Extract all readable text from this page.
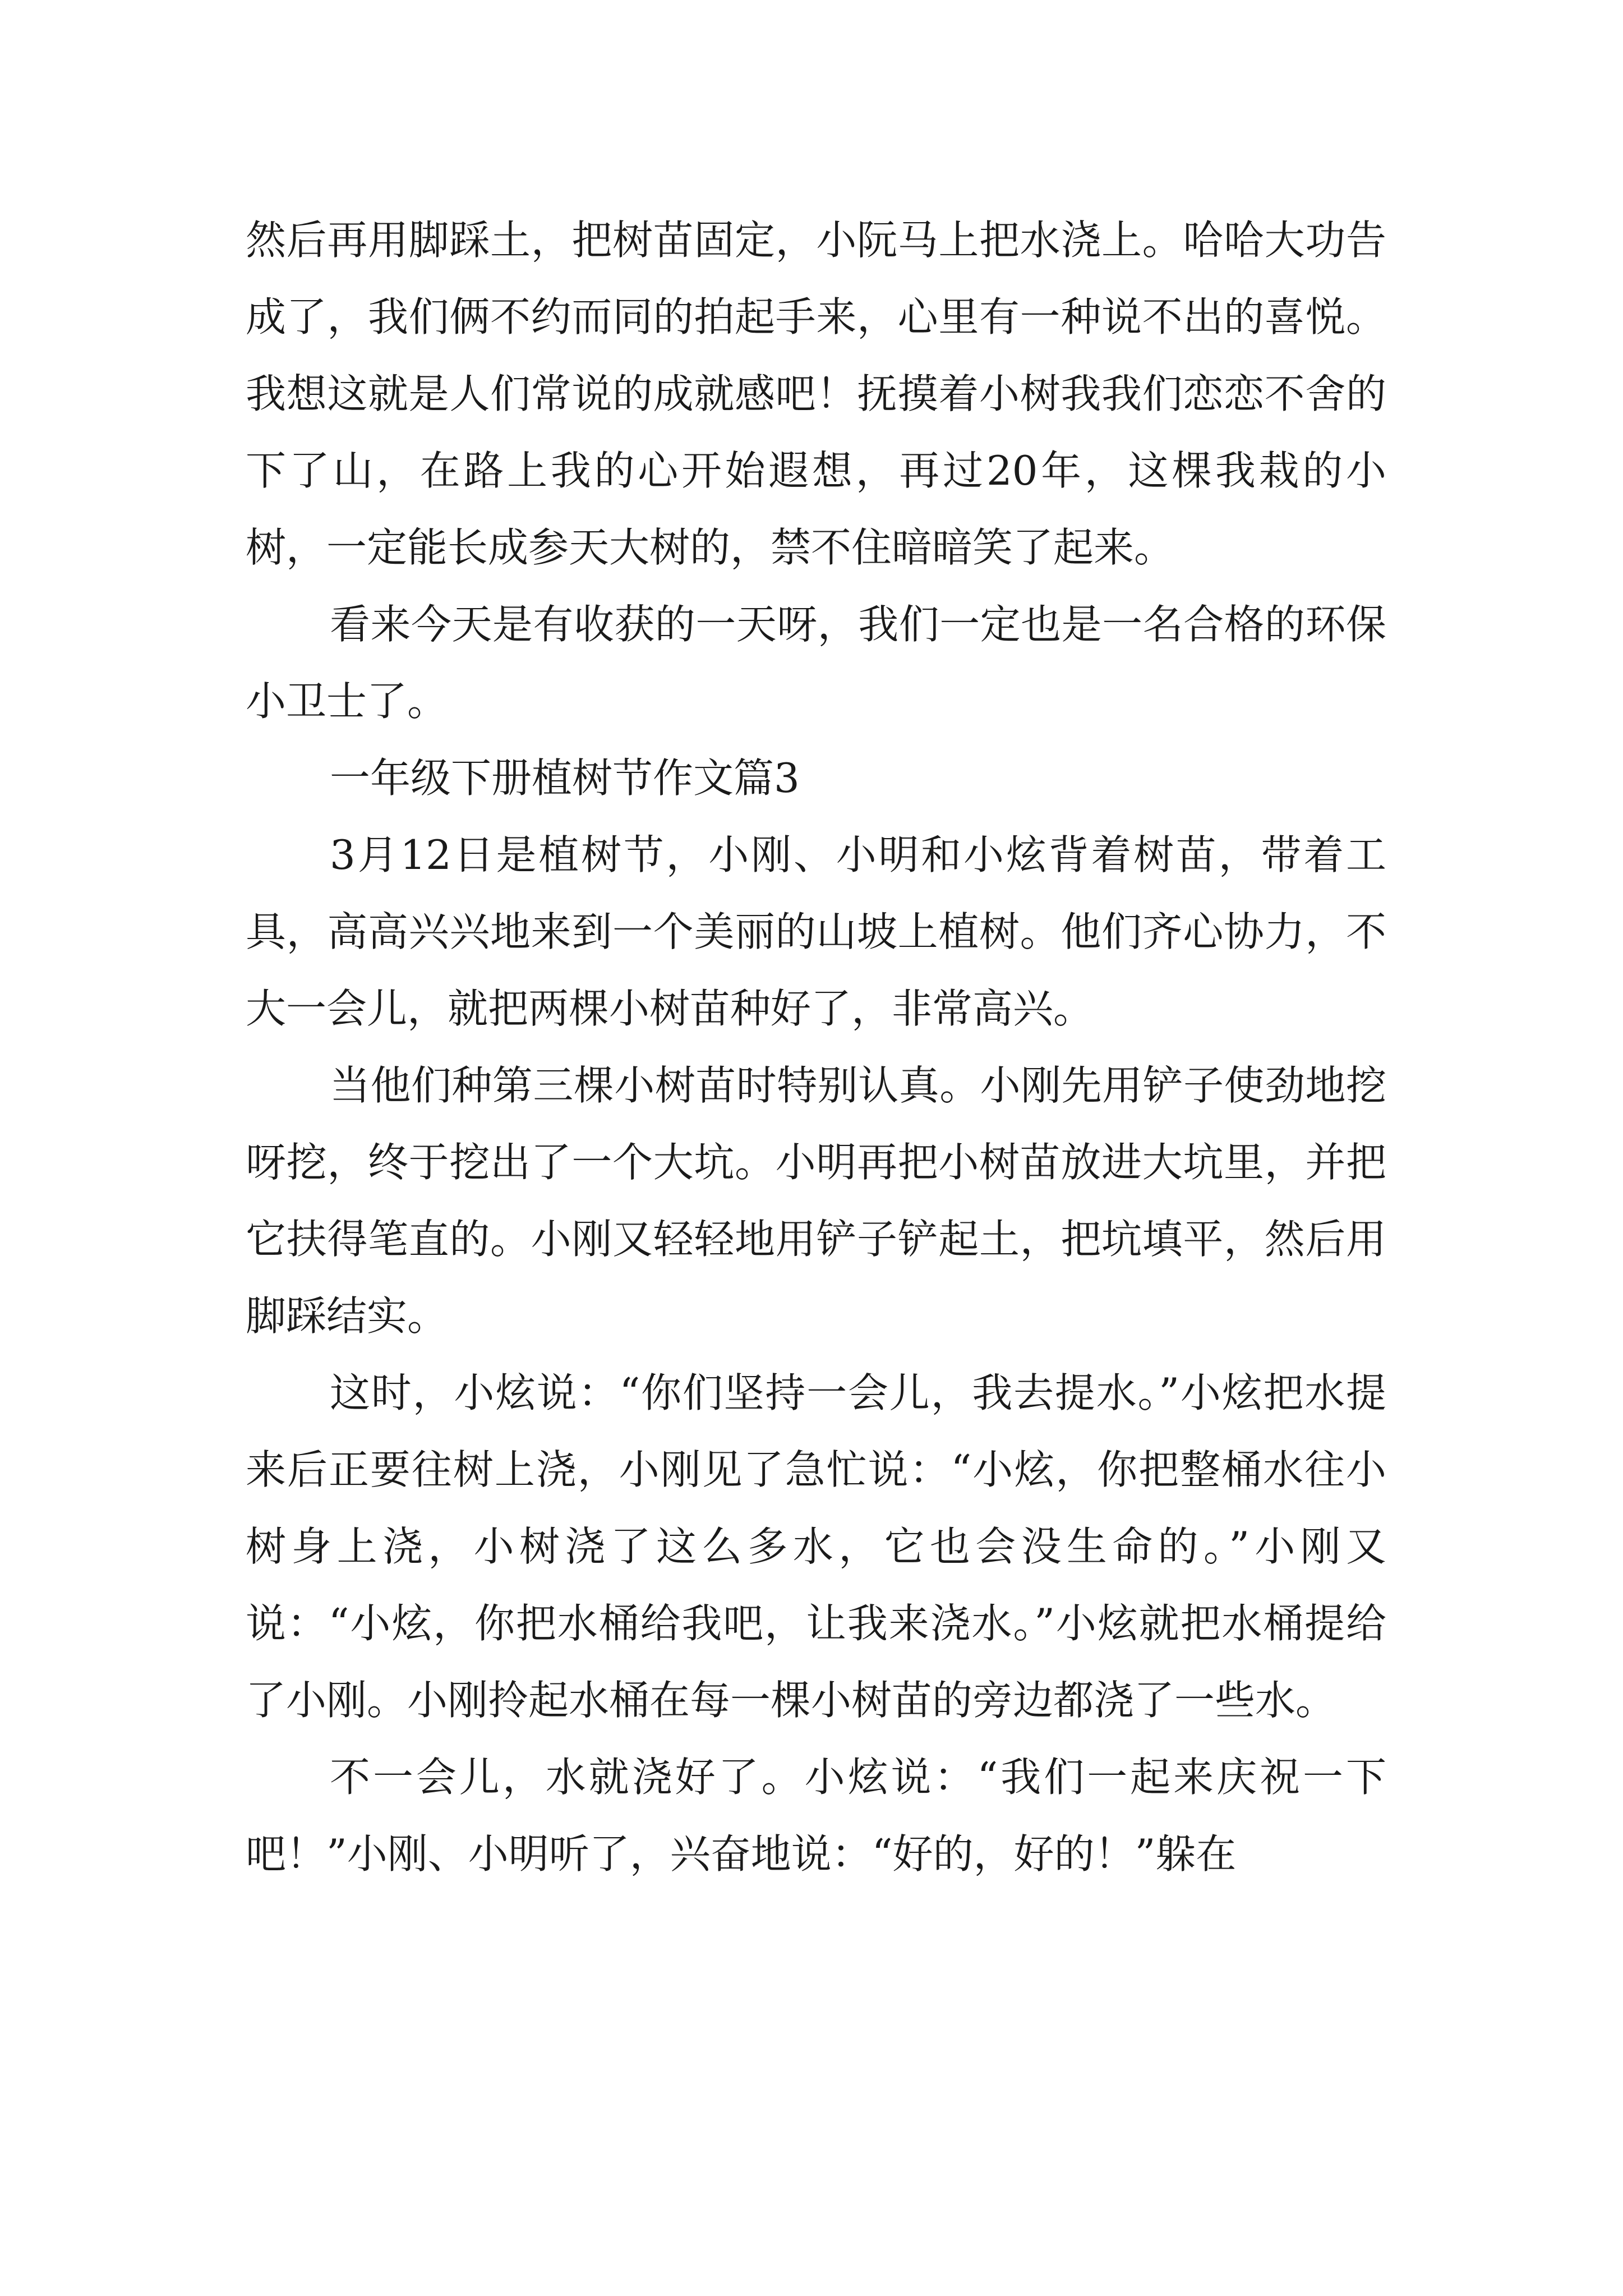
然后再用脚踩土，把树苗固定，小阮马上把水浇上。哈哈大功告成了，我们俩不约而同的拍起手来，心里有一种说不出的喜悦。我想这就是人们常说的成就感吧！抚摸着小树我我们恋恋不舍的下了山，在路上我的心开始遐想，再过20年，这棵我栽的小树，一定能长成参天大树的，禁不住暗暗笑了起来。

看来今天是有收获的一天呀，我们一定也是一名合格的环保小卫士了。

一年级下册植树节作文篇3

3月12日是植树节，小刚、小明和小炫背着树苗，带着工具，高高兴兴地来到一个美丽的山坡上植树。他们齐心协力，不大一会儿，就把两棵小树苗种好了，非常高兴。

当他们种第三棵小树苗时特别认真。小刚先用铲子使劲地挖呀挖，终于挖出了一个大坑。小明再把小树苗放进大坑里，并把它扶得笔直的。小刚又轻轻地用铲子铲起土，把坑填平，然后用脚踩结实。

这时，小炫说：“你们坚持一会儿，我去提水。”小炫把水提来后正要往树上浇，小刚见了急忙说：“小炫，你把整桶水往小树身上浇，小树浇了这么多水，它也会没生命的。”小刚又说：“小炫，你把水桶给我吧，让我来浇水。”小炫就把水桶提给了小刚。小刚拎起水桶在每一棵小树苗的旁边都浇了一些水。

不一会儿，水就浇好了。小炫说：“我们一起来庆祝一下吧！”小刚、小明听了，兴奋地说：“好的，好的！”躲在
